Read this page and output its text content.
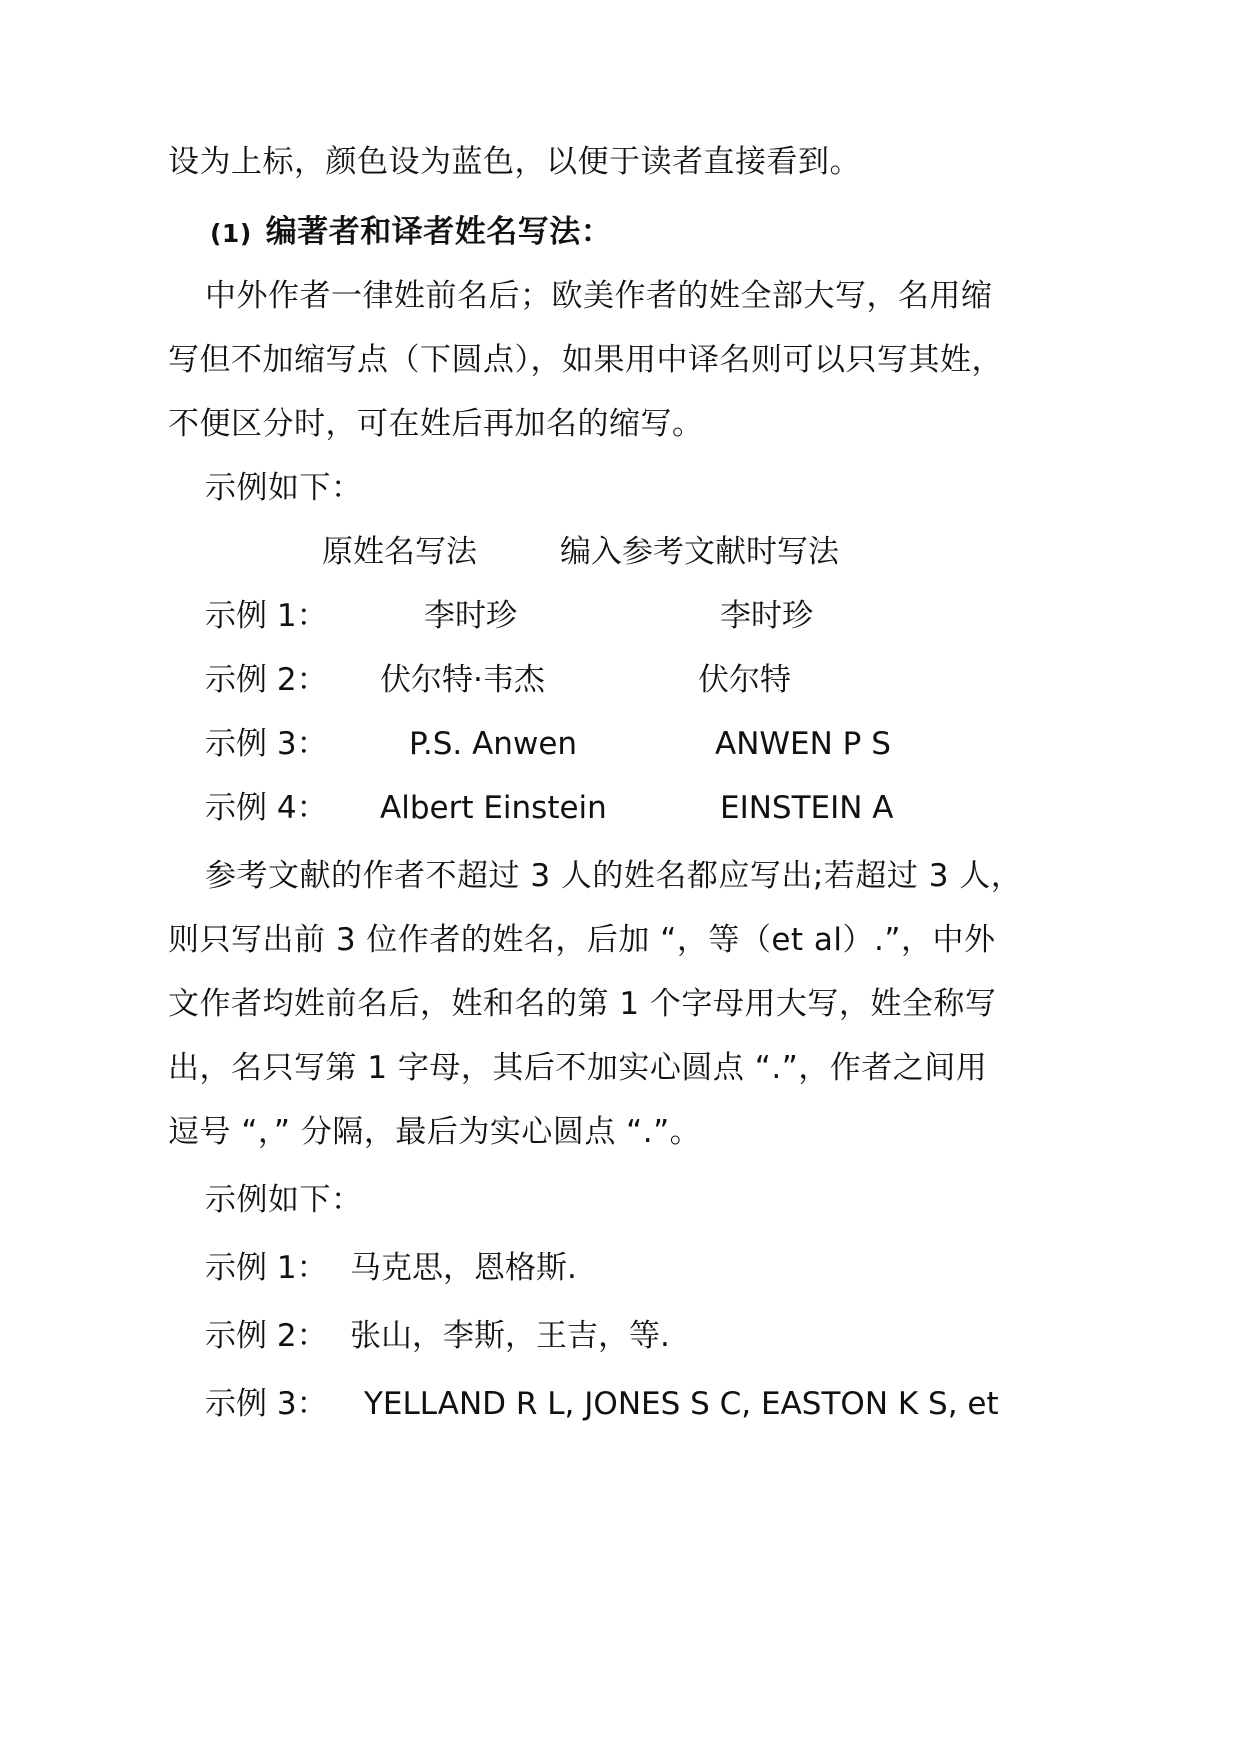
设为上标，颜色设为蓝色，以便于读者直接看到。
(1) 编著者和译者姓名写法：
中外作者一律姓前名后；欧美作者的姓全部大写，名用缩
写但不加缩写点（下圆点），如果用中译名则可以只写其姓，
不便区分时，可在姓后再加名的缩写。
示例如下：
原姓名写法	编入参考文献时写法
示例 1：	李时珍	李时珍
示例 2： 伏尔特·韦杰	伏尔特
示例 3：	P.S. Anwen	ANWEN P S
示例 4： Albert Einstein	EINSTEIN A
参考文献的作者不超过 3 人的姓名都应写出;若超过 3 人，
则只写出前 3 位作者的姓名，后加 “，等（et al）.”，中外
文作者均姓前名后，姓和名的第 1 个字母用大写，姓全称写
出，名只写第 1 字母，其后不加实心圆点 “.”，作者之间用
逗号 “，” 分隔，最后为实心圆点 “.”。
示例如下：
示例 1： 马克思，恩格斯.
示例 2： 张山，李斯，王吉，等.
示例 3： YELLAND R L, JONES S C, EASTON K S, et
